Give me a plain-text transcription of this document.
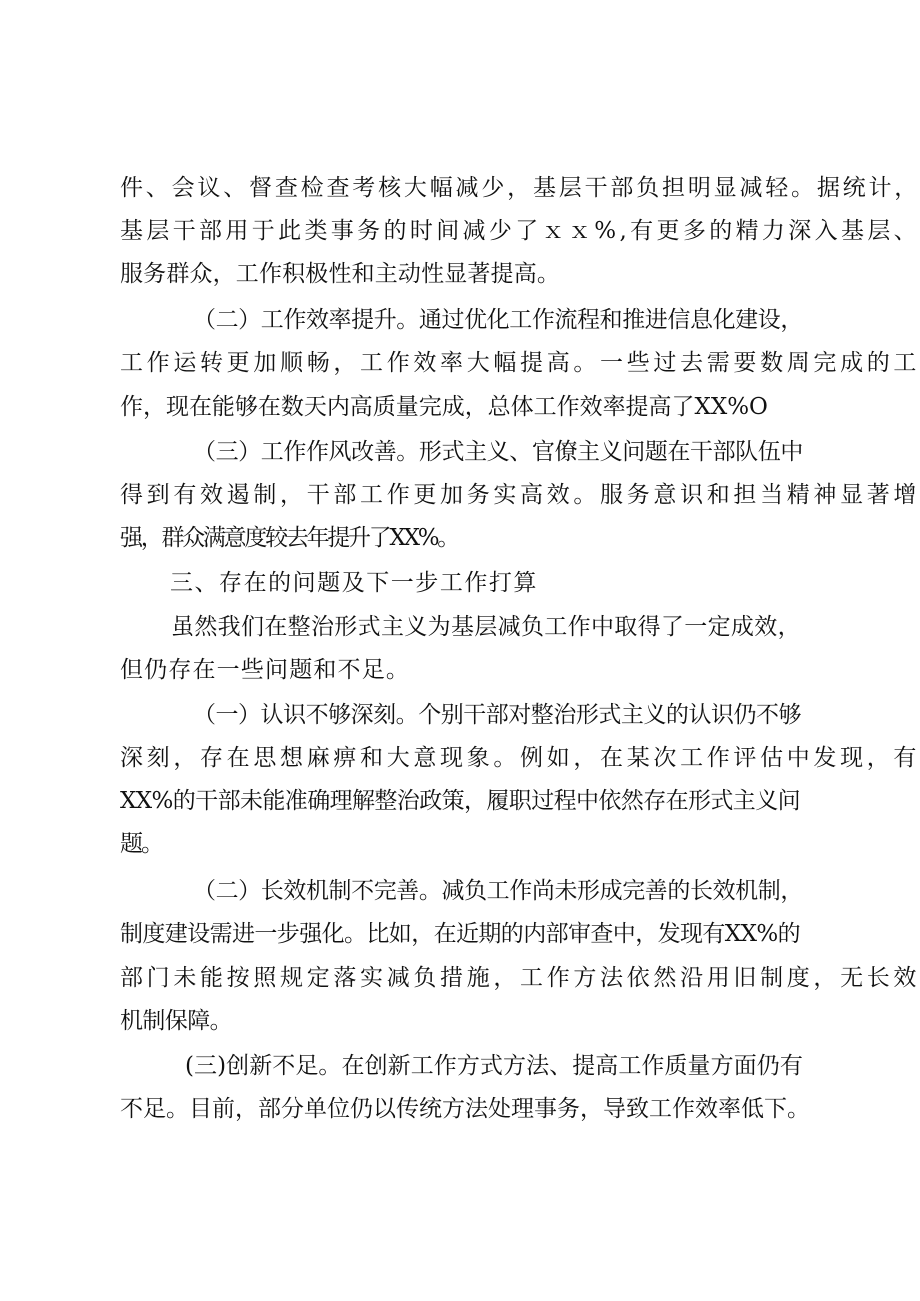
件、会议、督查检查考核大幅减少，基层干部负担明显减轻。据统计，
基层干部用于此类事务的时间减少了ｘｘ%,有更多的精力深入基层、
服务群众，工作积极性和主动性显著提高。
（二）工作效率提升。通过优化工作流程和推进信息化建设，
工作运转更加顺畅，工作效率大幅提高。一些过去需要数周完成的工
作，现在能够在数天内高质量完成，总体工作效率提高了XX%O
（三）工作作风改善。形式主义、官僚主义问题在干部队伍中
得到有效遏制，干部工作更加务实高效。服务意识和担当精神显著增
强，群众满意度较去年提升了XX%。
三、存在的问题及下一步工作打算
虽然我们在整治形式主义为基层减负工作中取得了一定成效，
但仍存在一些问题和不足。
（一）认识不够深刻。个别干部对整治形式主义的认识仍不够
深刻，存在思想麻痹和大意现象。例如，在某次工作评估中发现，有
XX%的干部未能准确理解整治政策，履职过程中依然存在形式主义问
题。
（二）长效机制不完善。减负工作尚未形成完善的长效机制，
制度建设需进一步强化。比如，在近期的内部审查中，发现有XX%的
部门未能按照规定落实减负措施，工作方法依然沿用旧制度，无长效
机制保障。
(三)创新不足。在创新工作方式方法、提高工作质量方面仍有
不足。目前，部分单位仍以传统方法处理事务，导致工作效率低下。
